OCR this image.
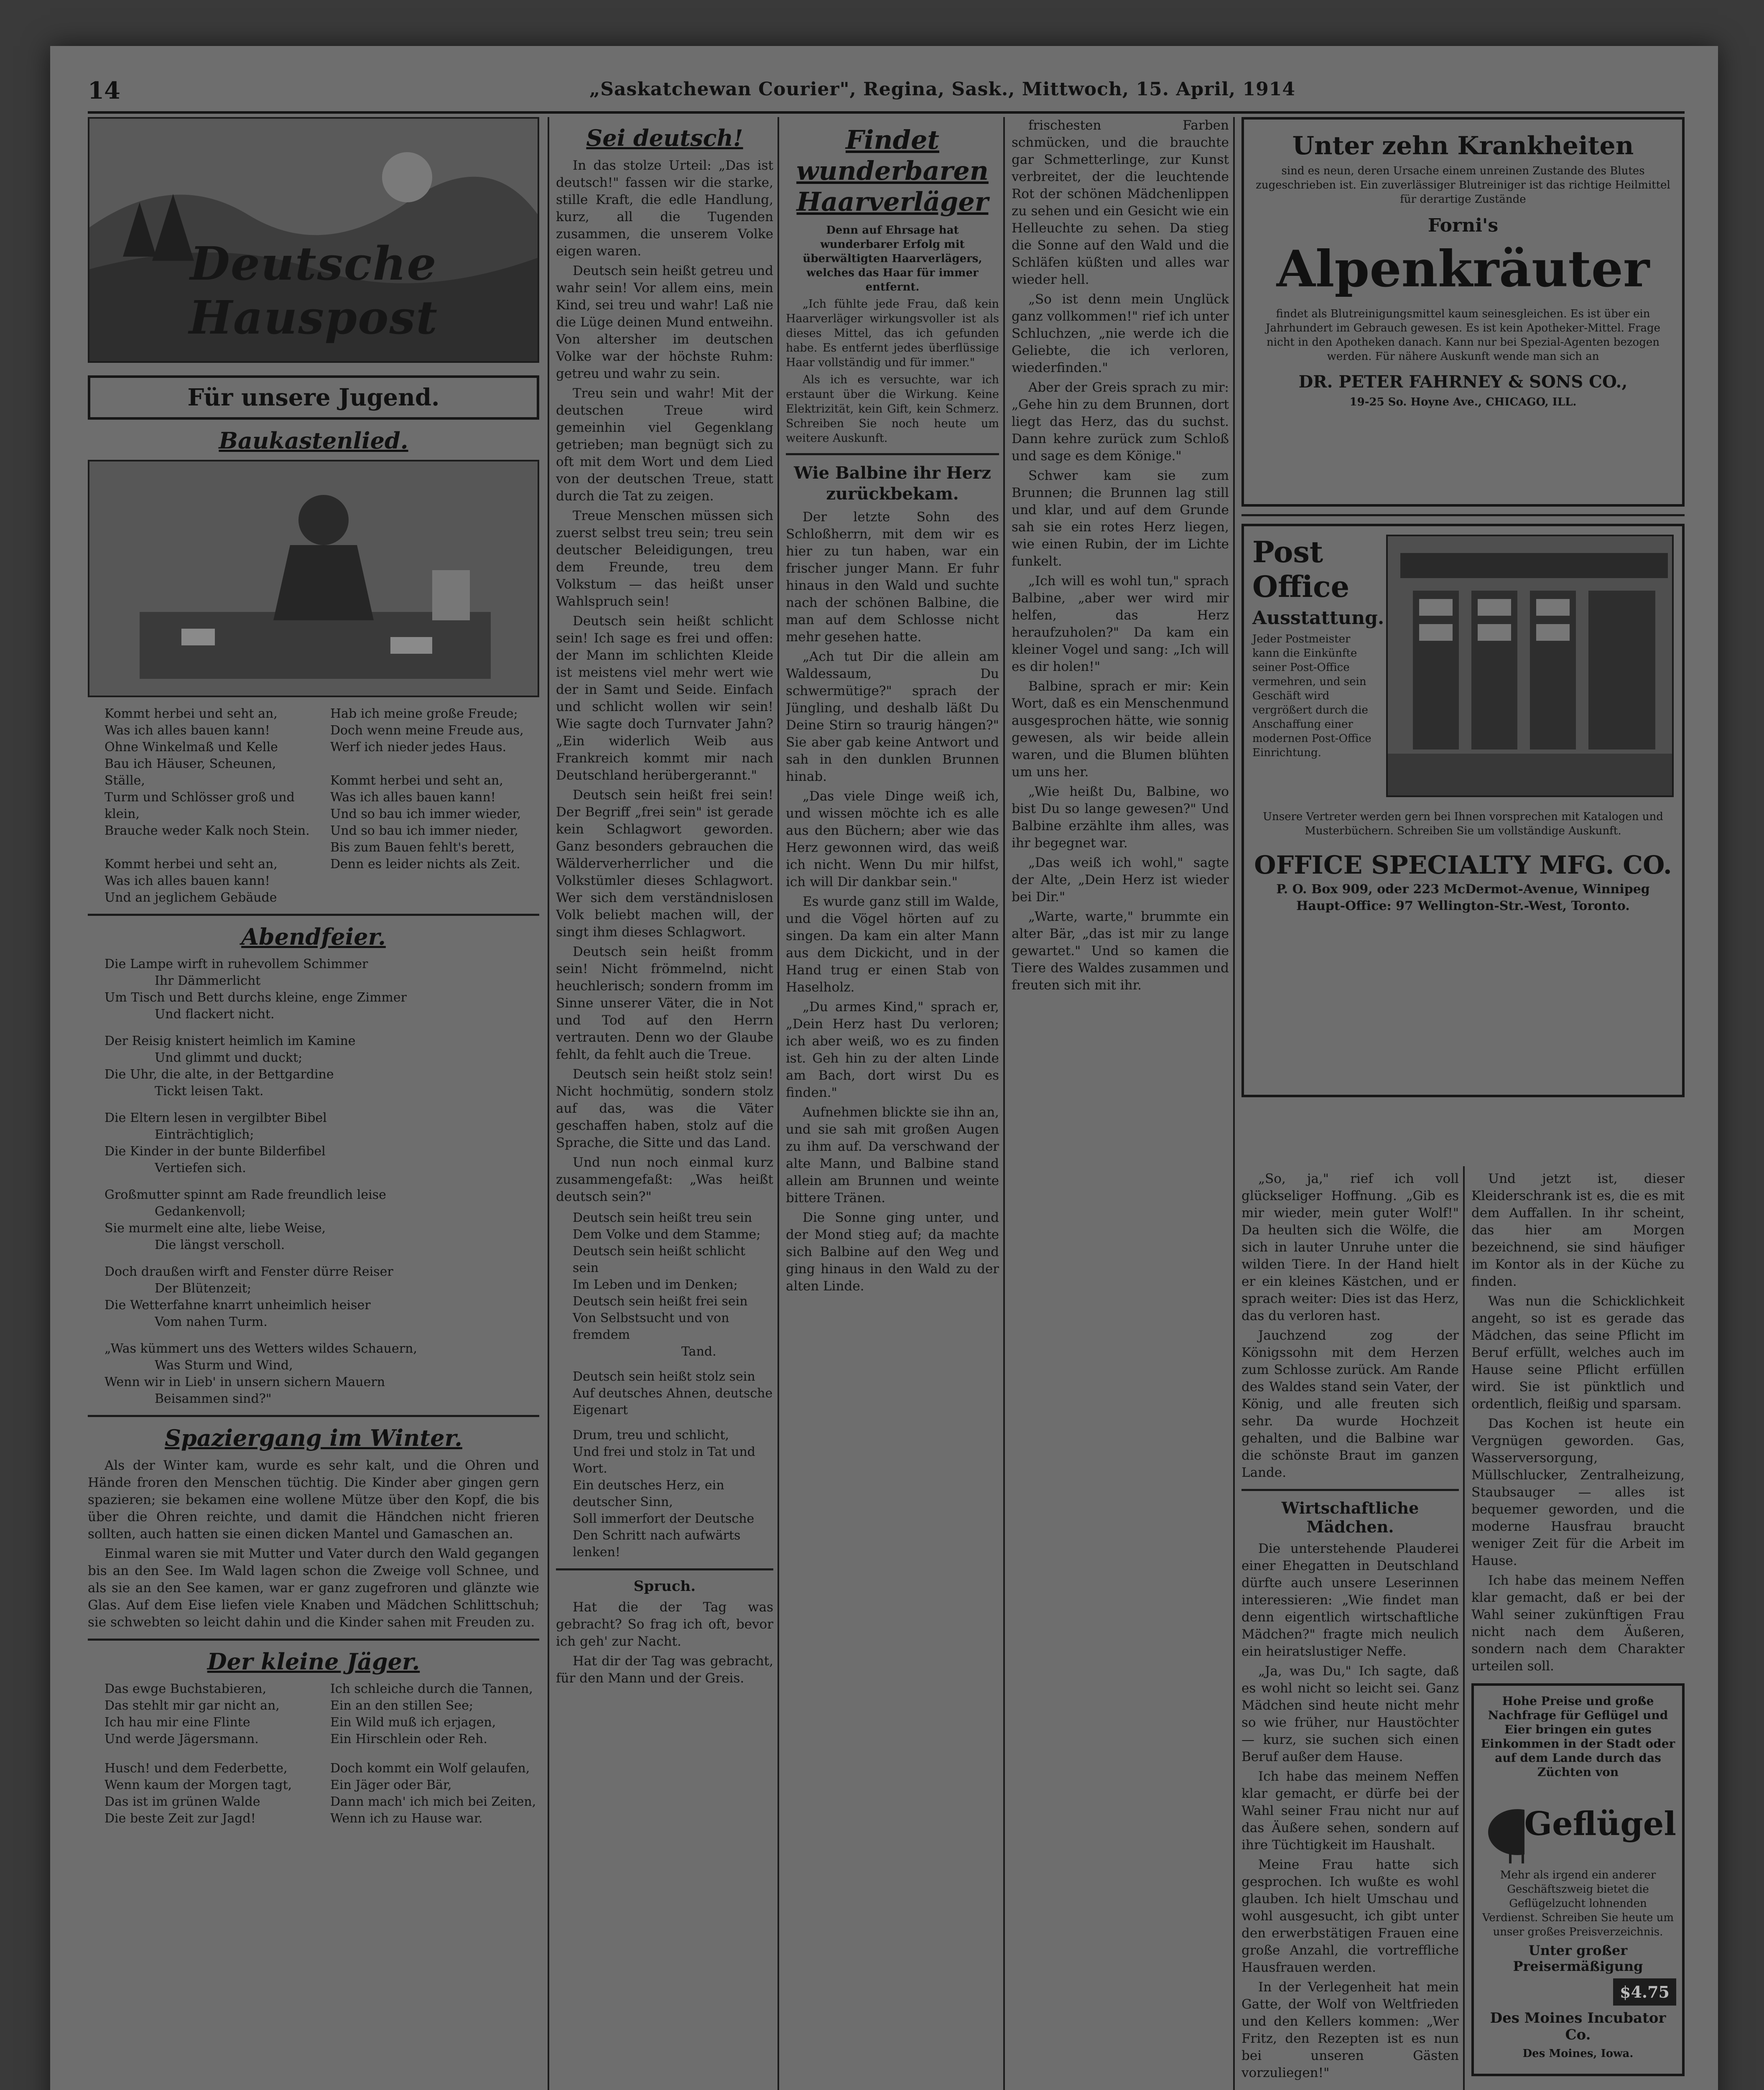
14	„Saskatchewan Courier", Regina, Sask., Mittwoch, 15. April, 1914
Deutsche Hauspost
Für unsere Jugend.
Baukastenlied.

Kommt herbei und seht an,

Was ich alles bauen kann!

Ohne Winkelmaß und Kelle

Bau ich Häuser, Scheunen, Ställe,

Turm und Schlösser groß und klein,

Brauche weder Kalk noch Stein.

Kommt herbei und seht an,

Was ich alles bauen kann!

Und an jeglichem Gebäude

Hab ich meine große Freude;

Doch wenn meine Freude aus,

Werf ich nieder jedes Haus.

Kommt herbei und seht an,

Was ich alles bauen kann!

Und so bau ich immer wieder,

Und so bau ich immer nieder,

Bis zum Bauen fehlt's berett,

Denn es leider nichts als Zeit.

Abendfeier.

Die Lampe wirft in ruhevollem Schimmer

Ihr Dämmerlicht

Um Tisch und Bett durchs kleine, enge Zimmer

Und flackert nicht.

Der Reisig knistert heimlich im Kamine

Und glimmt und duckt;

Die Uhr, die alte, in der Bettgardine

Tickt leisen Takt.

Die Eltern lesen in vergilbter Bibel

Einträchtiglich;

Die Kinder in der bunte Bilderfibel

Vertiefen sich.

Großmutter spinnt am Rade freundlich leise

Gedankenvoll;

Sie murmelt eine alte, liebe Weise,

Die längst verscholl.

Doch draußen wirft and Fenster dürre Reiser

Der Blütenzeit;

Die Wetterfahne knarrt unheimlich heiser

Vom nahen Turm.

„Was kümmert uns des Wetters wildes Schauern,

Was Sturm und Wind,

Wenn wir in Lieb' in unsern sichern Mauern

Beisammen sind?"

Spaziergang im Winter.

Als der Winter kam, wurde es sehr kalt, und die Ohren und Hände froren den Menschen tüchtig. Die Kinder aber gingen gern spazieren; sie bekamen eine wollene Mütze über den Kopf, die bis über die Ohren reichte, und damit die Händchen nicht frieren sollten, auch hatten sie einen dicken Mantel und Gamaschen an.

Einmal waren sie mit Mutter und Vater durch den Wald gegangen bis an den See. Im Wald lagen schon die Zweige voll Schnee, und als sie an den See kamen, war er ganz zugefroren und glänzte wie Glas. Auf dem Eise liefen viele Knaben und Mädchen Schlittschuh; sie schwebten so leicht dahin und die Kinder sahen mit Freuden zu.

Der kleine Jäger.

Das ewge Buchstabieren,

Das stehlt mir gar nicht an,

Ich hau mir eine Flinte

Und werde Jägersmann.

Husch! und dem Federbette,

Wenn kaum der Morgen tagt,

Das ist im grünen Walde

Die beste Zeit zur Jagd!

Ich schleiche durch die Tannen,

Ein an den stillen See;

Ein Wild muß ich erjagen,

Ein Hirschlein oder Reh.

Doch kommt ein Wolf gelaufen,

Ein Jäger oder Bär,

Dann mach' ich mich bei Zeiten,

Wenn ich zu Hause war.

Sei deutsch!

In das stolze Urteil: „Das ist deutsch!" fassen wir die starke, stille Kraft, die edle Handlung, kurz, all die Tugenden zusammen, die unserem Volke eigen waren.

Deutsch sein heißt getreu und wahr sein! Vor allem eins, mein Kind, sei treu und wahr! Laß nie die Lüge deinen Mund entweihn. Von altersher im deutschen Volke war der höchste Ruhm: getreu und wahr zu sein.

Treu sein und wahr! Mit der deutschen Treue wird gemeinhin viel Gegenklang getrieben; man begnügt sich zu oft mit dem Wort und dem Lied von der deutschen Treue, statt durch die Tat zu zeigen.

Treue Menschen müssen sich zuerst selbst treu sein; treu sein deutscher Beleidigungen, treu dem Freunde, treu dem Volkstum — das heißt unser Wahlspruch sein!

Deutsch sein heißt schlicht sein! Ich sage es frei und offen: der Mann im schlichten Kleide ist meistens viel mehr wert wie der in Samt und Seide. Einfach und schlicht wollen wir sein! Wie sagte doch Turnvater Jahn? „Ein widerlich Weib aus Frankreich kommt mir nach Deutschland herübergerannt."

Deutsch sein heißt frei sein! Der Begriff „frei sein" ist gerade kein Schlagwort geworden. Ganz besonders gebrauchen die Wälderverherrlicher und die Volkstümler dieses Schlagwort. Wer sich dem verständnislosen Volk beliebt machen will, der singt ihm dieses Schlagwort.

Deutsch sein heißt fromm sein! Nicht frömmelnd, nicht heuchlerisch; sondern fromm im Sinne unserer Väter, die in Not und Tod auf den Herrn vertrauten. Denn wo der Glaube fehlt, da fehlt auch die Treue.

Deutsch sein heißt stolz sein! Nicht hochmütig, sondern stolz auf das, was die Väter geschaffen haben, stolz auf die Sprache, die Sitte und das Land.

Und nun noch einmal kurz zusammengefaßt: „Was heißt deutsch sein?"

Deutsch sein heißt treu sein

Dem Volke und dem Stamme;

Deutsch sein heißt schlicht sein

Im Leben und im Denken;

Deutsch sein heißt frei sein

Von Selbstsucht und von fremdem

Tand.

Deutsch sein heißt stolz sein

Auf deutsches Ahnen, deutsche Eigenart

Drum, treu und schlicht,

Und frei und stolz in Tat und Wort.

Ein deutsches Herz, ein deutscher Sinn,

Soll immerfort der Deutsche

Den Schritt nach aufwärts lenken!

Spruch.

Hat die der Tag was gebracht? So frag ich oft, bevor ich geh' zur Nacht.

Hat dir der Tag was gebracht, für den Mann und der Greis.

Findet wunderbaren Haarverläger

Denn auf Ehrsage hat wunderbarer Erfolg mit überwältigten Haarverlägers, welches das Haar für immer entfernt.

„Ich fühlte jede Frau, daß kein Haarverläger wirkungsvoller ist als dieses Mittel, das ich gefunden habe. Es entfernt jedes überflüssige Haar vollständig und für immer."

Als ich es versuchte, war ich erstaunt über die Wirkung. Keine Elektrizität, kein Gift, kein Schmerz. Schreiben Sie noch heute um weitere Auskunft.

Wie Balbine ihr Herz zurückbekam.

Der letzte Sohn des Schloßherrn, mit dem wir es hier zu tun haben, war ein frischer junger Mann. Er fuhr hinaus in den Wald und suchte nach der schönen Balbine, die man auf dem Schlosse nicht mehr gesehen hatte.

„Ach tut Dir die allein am Waldessaum, Du schwermütige?" sprach der Jüngling, und deshalb läßt Du Deine Stirn so traurig hängen?" Sie aber gab keine Antwort und sah in den dunklen Brunnen hinab.

„Das viele Dinge weiß ich, und wissen möchte ich es alle aus den Büchern; aber wie das Herz gewonnen wird, das weiß ich nicht. Wenn Du mir hilfst, ich will Dir dankbar sein."

Es wurde ganz still im Walde, und die Vögel hörten auf zu singen. Da kam ein alter Mann aus dem Dickicht, und in der Hand trug er einen Stab von Haselholz.

„Du armes Kind," sprach er, „Dein Herz hast Du verloren; ich aber weiß, wo es zu finden ist. Geh hin zu der alten Linde am Bach, dort wirst Du es finden."

Aufnehmen blickte sie ihn an, und sie sah mit großen Augen zu ihm auf. Da verschwand der alte Mann, und Balbine stand allein am Brunnen und weinte bittere Tränen.

Die Sonne ging unter, und der Mond stieg auf; da machte sich Balbine auf den Weg und ging hinaus in den Wald zu der alten Linde.

frischesten Farben schmücken, und die brauchte gar Schmetterlinge, zur Kunst verbreitet, der die leuchtende Rot der schönen Mädchenlippen zu sehen und ein Gesicht wie ein Helleuchte zu sehen. Da stieg die Sonne auf den Wald und die Schläfen küßten und alles war wieder hell.

„So ist denn mein Unglück ganz vollkommen!" rief ich unter Schluchzen, „nie werde ich die Geliebte, die ich verloren, wiederfinden."

Aber der Greis sprach zu mir: „Gehe hin zu dem Brunnen, dort liegt das Herz, das du suchst. Dann kehre zurück zum Schloß und sage es dem Könige."

Schwer kam sie zum Brunnen; die Brunnen lag still und klar, und auf dem Grunde sah sie ein rotes Herz liegen, wie einen Rubin, der im Lichte funkelt.

„Ich will es wohl tun," sprach Balbine, „aber wer wird mir helfen, das Herz heraufzuholen?" Da kam ein kleiner Vogel und sang: „Ich will es dir holen!"

Balbine, sprach er mir: Kein Wort, daß es ein Menschenmund ausgesprochen hätte, wie sonnig gewesen, als wir beide allein waren, und die Blumen blühten um uns her.

„Wie heißt Du, Balbine, wo bist Du so lange gewesen?" Und Balbine erzählte ihm alles, was ihr begegnet war.

„Das weiß ich wohl," sagte der Alte, „Dein Herz ist wieder bei Dir."

„Warte, warte," brummte ein alter Bär, „das ist mir zu lange gewartet." Und so kamen die Tiere des Waldes zusammen und freuten sich mit ihr.

Unter zehn Krankheiten
sind es neun, deren Ursache einem unreinen Zustande des Blutes zugeschrieben ist. Ein zuverlässiger Blutreiniger ist das richtige Heilmittel für derartige Zustände
Forni's
Alpenkräuter
findet als Blutreinigungsmittel kaum seinesgleichen. Es ist über ein Jahrhundert im Gebrauch gewesen. Es ist kein Apotheker-Mittel. Frage nicht in den Apotheken danach. Kann nur bei Spezial-Agenten bezogen werden. Für nähere Auskunft wende man sich an
DR. PETER FAHRNEY & SONS CO.,
19-25 So. Hoyne Ave., CHICAGO, ILL.
Post
Office
Ausstattung.
Jeder Postmeister kann die Einkünfte seiner Post-Office vermehren, und sein Geschäft wird vergrößert durch die Anschaffung einer modernen Post-Office Einrichtung.
Unsere Vertreter werden gern bei Ihnen vorsprechen mit Katalogen und Musterbüchern. Schreiben Sie um vollständige Auskunft.
OFFICE SPECIALTY MFG. CO.
P. O. Box 909, oder 223 McDermot-Avenue, Winnipeg
Haupt-Office: 97 Wellington-Str.-West, Toronto.

„So, ja," rief ich voll glückseliger Hoffnung. „Gib es mir wieder, mein guter Wolf!" Da heulten sich die Wölfe, die sich in lauter Unruhe unter die wilden Tiere. In der Hand hielt er ein kleines Kästchen, und er sprach weiter: Dies ist das Herz, das du verloren hast.

Jauchzend zog der Königssohn mit dem Herzen zum Schlosse zurück. Am Rande des Waldes stand sein Vater, der König, und alle freuten sich sehr. Da wurde Hochzeit gehalten, und die Balbine war die schönste Braut im ganzen Lande.

Wirtschaftliche Mädchen.

Die unterstehende Plauderei einer Ehegatten in Deutschland dürfte auch unsere Leserinnen interessieren: „Wie findet man denn eigentlich wirtschaftliche Mädchen?" fragte mich neulich ein heiratslustiger Neffe.

„Ja, was Du," Ich sagte, daß es wohl nicht so leicht sei. Ganz Mädchen sind heute nicht mehr so wie früher, nur Haustöchter — kurz, sie suchen sich einen Beruf außer dem Hause.

Ich habe das meinem Neffen klar gemacht, er dürfe bei der Wahl seiner Frau nicht nur auf das Äußere sehen, sondern auf ihre Tüchtigkeit im Haushalt.

Meine Frau hatte sich gesprochen. Ich wußte es wohl glauben. Ich hielt Umschau und wohl ausgesucht, ich gibt unter den erwerbstätigen Frauen eine große Anzahl, die vortreffliche Hausfrauen werden.

In der Verlegenheit hat mein Gatte, der Wolf von Weltfrieden und den Kellers kommen: „Wer Fritz, den Rezepten ist es nun bei unseren Gästen vorzuliegen!"

Und jetzt ist, dieser Kleiderschrank ist es, die es mit dem Auffallen. In ihr scheint, das hier am Morgen bezeichnend, sie sind häufiger im Kontor als in der Küche zu finden.

Was nun die Schicklichkeit angeht, so ist es gerade das Mädchen, das seine Pflicht im Beruf erfüllt, welches auch im Hause seine Pflicht erfüllen wird. Sie ist pünktlich und ordentlich, fleißig und sparsam.

Das Kochen ist heute ein Vergnügen geworden. Gas, Wasserversorgung, Müllschlucker, Zentralheizung, Staubsauger — alles ist bequemer geworden, und die moderne Hausfrau braucht weniger Zeit für die Arbeit im Hause.

Ich habe das meinem Neffen klar gemacht, daß er bei der Wahl seiner zukünftigen Frau nicht nach dem Äußeren, sondern nach dem Charakter urteilen soll.

Hohe Preise und große Nachfrage für Geflügel und Eier bringen ein gutes Einkommen in der Stadt oder auf dem Lande durch das Züchten von
Geflügel
Mehr als irgend ein anderer Geschäftszweig bietet die Geflügelzucht lohnenden Verdienst. Schreiben Sie heute um unser großes Preisverzeichnis.
Unter großer Preisermäßigung
$4.75
Des Moines Incubator Co.
Des Moines, Iowa.
